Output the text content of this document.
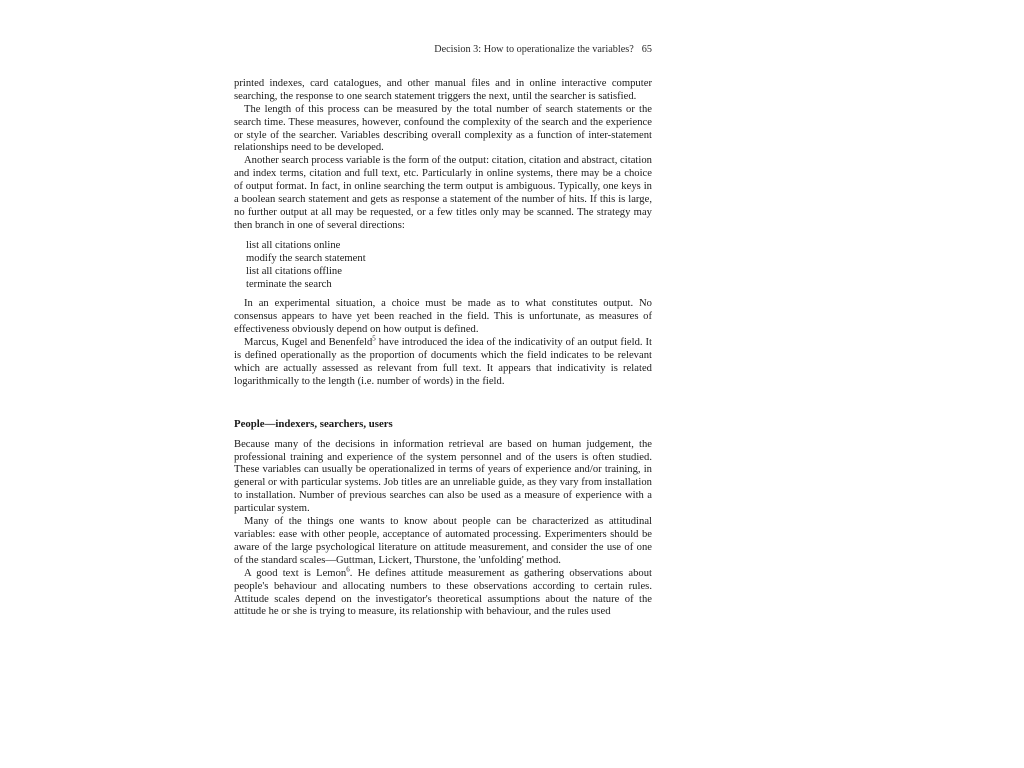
Decision 3: How to operationalize the variables? 65

printed indexes, card catalogues, and other manual files and in online interactive computer searching, the response to one search statement triggers the next, until the searcher is satisfied.

The length of this process can be measured by the total number of search statements or the search time. These measures, however, confound the complexity of the search and the experience or style of the searcher. Variables describing overall complexity as a function of inter-statement relationships need to be developed.

Another search process variable is the form of the output: citation, citation and abstract, citation and index terms, citation and full text, etc. Particularly in online systems, there may be a choice of output format. In fact, in online searching the term output is ambiguous. Typically, one keys in a boolean search statement and gets as response a statement of the number of hits. If this is large, no further output at all may be requested, or a few titles only may be scanned. The strategy may then branch in one of several directions:

list all citations online
modify the search statement
list all citations offline
terminate the search

In an experimental situation, a choice must be made as to what constitutes output. No consensus appears to have yet been reached in the field. This is unfortunate, as measures of effectiveness obviously depend on how output is defined.

Marcus, Kugel and Benenfeld$^5$ have introduced the idea of the indicativity of an output field. It is defined operationally as the proportion of documents which the field indicates to be relevant which are actually assessed as relevant from full text. It appears that indicativity is related logarithmically to the length (i.e. number of words) in the field.

People—indexers, searchers, users

Because many of the decisions in information retrieval are based on human judgement, the professional training and experience of the system personnel and of the users is often studied. These variables can usually be operationalized in terms of years of experience and/or training, in general or with particular systems. Job titles are an unreliable guide, as they vary from installation to installation. Number of previous searches can also be used as a measure of experience with a particular system.

Many of the things one wants to know about people can be characterized as attitudinal variables: ease with other people, acceptance of automated processing. Experimenters should be aware of the large psychological literature on attitude measurement, and consider the use of one of the standard scales—Guttman, Lickert, Thurstone, the 'unfolding' method.

A good text is Lemon$^6$. He defines attitude measurement as gathering observations about people's behaviour and allocating numbers to these observations according to certain rules. Attitude scales depend on the investigator's theoretical assumptions about the nature of the attitude he or she is trying to measure, its relationship with behaviour, and the rules used
